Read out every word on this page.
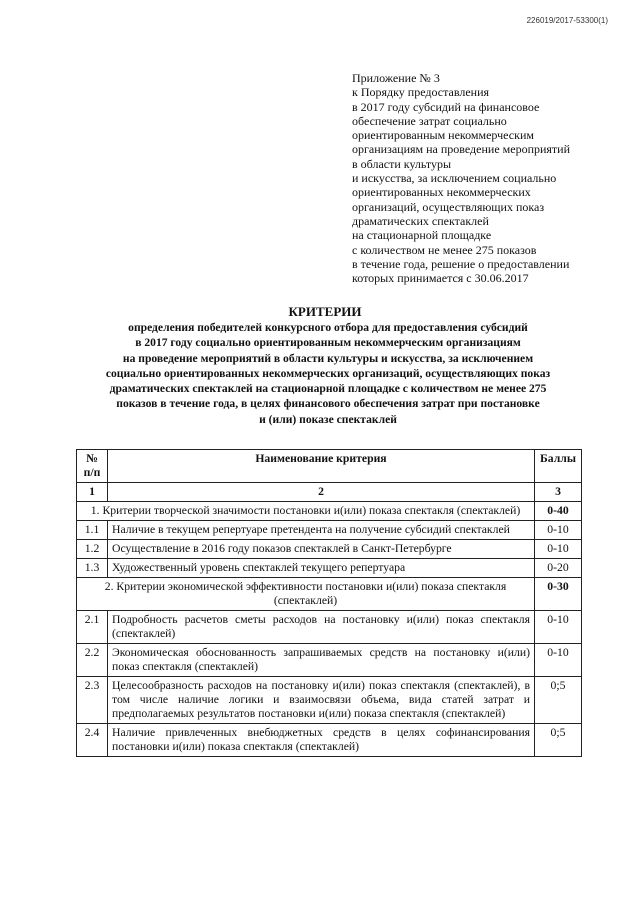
226019/2017-53300(1)
Приложение № 3
к Порядку предоставления
в 2017 году субсидий на финансовое
обеспечение затрат социально
ориентированным некоммерческим
организациям на проведение мероприятий
в области культуры
и искусства, за исключением социально
ориентированных некоммерческих
организаций, осуществляющих показ
драматических спектаклей
на стационарной площадке
с количеством не менее 275 показов
в течение года, решение о предоставлении
которых принимается с 30.06.2017
КРИТЕРИИ
определения победителей конкурсного отбора для предоставления субсидий
в 2017 году социально ориентированным некоммерческим организациям
на проведение мероприятий в области культуры и искусства, за исключением
социально ориентированных некоммерческих организаций, осуществляющих показ
драматических спектаклей на стационарной площадке с количеством не менее 275
показов в течение года, в целях финансового обеспечения затрат при постановке
и (или) показе спектаклей
№ п/п	Наименование критерия	Баллы
1	2	3
1. Критерии творческой значимости постановки и(или) показа спектакля (спектаклей)		0-40
1.1	Наличие в текущем репертуаре претендента на получение субсидий спектаклей	0-10
1.2	Осуществление в 2016 году показов спектаклей в Санкт-Петербурге	0-10
1.3	Художественный уровень спектаклей текущего репертуара	0-20
2. Критерии экономической эффективности постановки и(или) показа спектакля (спектаклей)		0-30
2.1	Подробность расчетов сметы расходов на постановку и(или) показ спектакля (спектаклей)	0-10
2.2	Экономическая обоснованность запрашиваемых средств на постановку и(или) показ спектакля (спектаклей)	0-10
2.3	Целесообразность расходов на постановку и(или) показ спектакля (спектаклей), в том числе наличие логики и взаимосвязи объема, вида статей затрат и предполагаемых результатов постановки и(или) показа спектакля (спектаклей)	0;5
2.4	Наличие привлеченных внебюджетных средств в целях софинансирования постановки и(или) показа спектакля (спектаклей)	0;5
